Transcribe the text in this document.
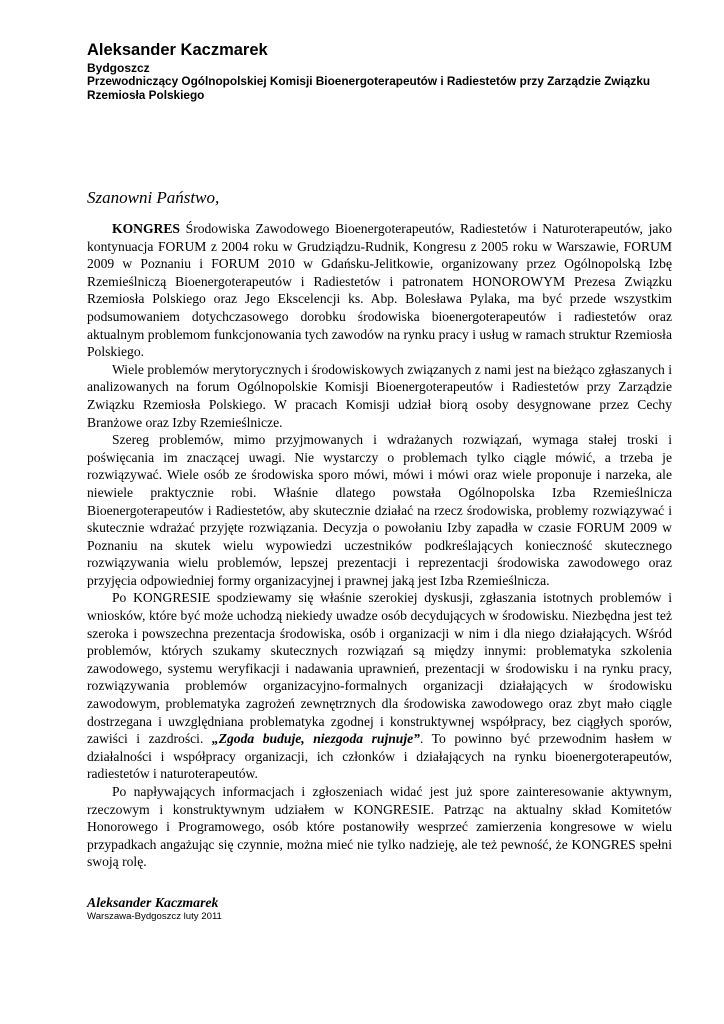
Aleksander Kaczmarek
Bydgoszcz
Przewodniczący Ogólnopolskiej Komisji Bioenergoterapeutów i Radiestetów przy Zarządzie Związku Rzemiosła Polskiego
Szanowni Państwo,

KONGRES Środowiska Zawodowego Bioenergoterapeutów, Radiestetów i Naturoterapeutów, jako kontynuacja FORUM z 2004 roku w Grudziądzu-Rudnik, Kongresu z 2005 roku w Warszawie, FORUM 2009 w Poznaniu i FORUM 2010 w Gdańsku-Jelitkowie, organizowany przez Ogólnopolską Izbę Rzemieślniczą Bioenergoterapeutów i Radiestetów i patronatem HONOROWYM Prezesa Związku Rzemiosła Polskiego oraz Jego Ekscelencji ks. Abp. Bolesława Pylaka, ma być przede wszystkim podsumowaniem dotychczasowego dorobku środowiska bioenergoterapeutów i radiestetów oraz aktualnym problemom funkcjonowania tych zawodów na rynku pracy i usług w ramach struktur Rzemiosła Polskiego.

Wiele problemów merytorycznych i środowiskowych związanych z nami jest na bieżąco zgłaszanych i analizowanych na forum Ogólnopolskie Komisji Bioenergoterapeutów i Radiestetów przy Zarządzie Związku Rzemiosła Polskiego. W pracach Komisji udział biorą osoby desygnowane przez Cechy Branżowe oraz Izby Rzemieślnicze.

Szereg problemów, mimo przyjmowanych i wdrażanych rozwiązań, wymaga stałej troski i poświęcania im znaczącej uwagi. Nie wystarczy o problemach tylko ciągle mówić, a trzeba je rozwiązywać. Wiele osób ze środowiska sporo mówi, mówi i mówi oraz wiele proponuje i narzeka, ale niewiele praktycznie robi. Właśnie dlatego powstała Ogólnopolska Izba Rzemieślnicza Bioenergoterapeutów i Radiestetów, aby skutecznie działać na rzecz środowiska, problemy rozwiązywać i skutecznie wdrażać przyjęte rozwiązania. Decyzja o powołaniu Izby zapadła w czasie FORUM 2009 w Poznaniu na skutek wielu wypowiedzi uczestników podkreślających konieczność skutecznego rozwiązywania wielu problemów, lepszej prezentacji i reprezentacji środowiska zawodowego oraz przyjęcia odpowiedniej formy organizacyjnej i prawnej jaką jest Izba Rzemieślnicza.

Po KONGRESIE spodziewamy się właśnie szerokiej dyskusji, zgłaszania istotnych problemów i wniosków, które być może uchodzą niekiedy uwadze osób decydujących w środowisku. Niezbędna jest też szeroka i powszechna prezentacja środowiska, osób i organizacji w nim i dla niego działających. Wśród problemów, których szukamy skutecznych rozwiązań są między innymi: problematyka szkolenia zawodowego, systemu weryfikacji i nadawania uprawnień, prezentacji w środowisku i na rynku pracy, rozwiązywania problemów organizacyjno-formalnych organizacji działających w środowisku zawodowym, problematyka zagrożeń zewnętrznych dla środowiska zawodowego oraz zbyt mało ciągle dostrzegana i uwzględniana problematyka zgodnej i konstruktywnej współpracy, bez ciągłych sporów, zawiści i zazdrości. „Zgoda buduje, niezgoda rujnuje”. To powinno być przewodnim hasłem w działalności i współpracy organizacji, ich członków i działających na rynku bioenergoterapeutów, radiestetów i naturoterapeutów.

Po napływających informacjach i zgłoszeniach widać jest już spore zainteresowanie aktywnym, rzeczowym i konstruktywnym udziałem w KONGRESIE. Patrząc na aktualny skład Komitetów Honorowego i Programowego, osób które postanowiły wesprzeć zamierzenia kongresowe w wielu przypadkach angażując się czynnie, można mieć nie tylko nadzieję, ale też pewność, że KONGRES spełni swoją rolę.

Aleksander Kaczmarek
Warszawa-Bydgoszcz luty 2011
